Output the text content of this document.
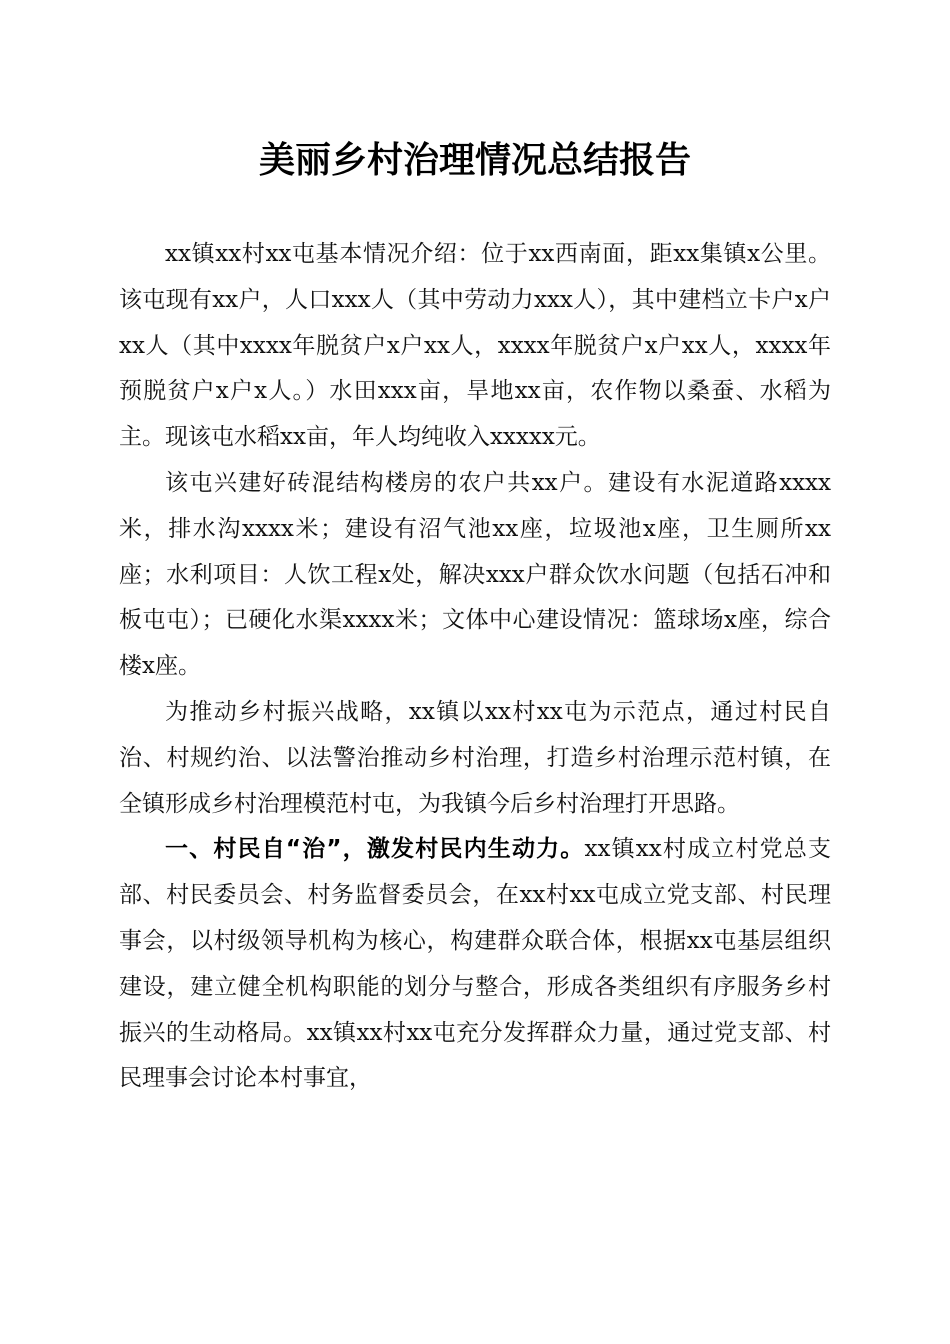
美丽乡村治理情况总结报告

xx镇xx村xx屯基本情况介绍：位于xx西南面，距xx集镇x公里。该屯现有xx户，人口xxx人（其中劳动力xxx人），其中建档立卡户x户xx人（其中xxxx年脱贫户x户xx人，xxxx年脱贫户x户xx人，xxxx年预脱贫户x户x人。）水田xxx亩，旱地xx亩，农作物以桑蚕、水稻为主。现该屯水稻xx亩，年人均纯收入xxxxx元。

该屯兴建好砖混结构楼房的农户共xx户。建设有水泥道路xxxx米，排水沟xxxx米；建设有沼气池xx座，垃圾池x座，卫生厕所xx座；水利项目：人饮工程x处，解决xxx户群众饮水问题（包括石冲和板屯屯）；已硬化水渠xxxx米；文体中心建设情况：篮球场x座，综合楼x座。

为推动乡村振兴战略，xx镇以xx村xx屯为示范点，通过村民自治、村规约治、以法警治推动乡村治理，打造乡村治理示范村镇，在全镇形成乡村治理模范村屯，为我镇今后乡村治理打开思路。

一、村民自“治”，激发村民内生动力。xx镇xx村成立村党总支部、村民委员会、村务监督委员会，在xx村xx屯成立党支部、村民理事会，以村级领导机构为核心，构建群众联合体，根据xx屯基层组织建设，建立健全机构职能的划分与整合，形成各类组织有序服务乡村振兴的生动格局。xx镇xx村xx屯充分发挥群众力量，通过党支部、村民理事会讨论本村事宜，
